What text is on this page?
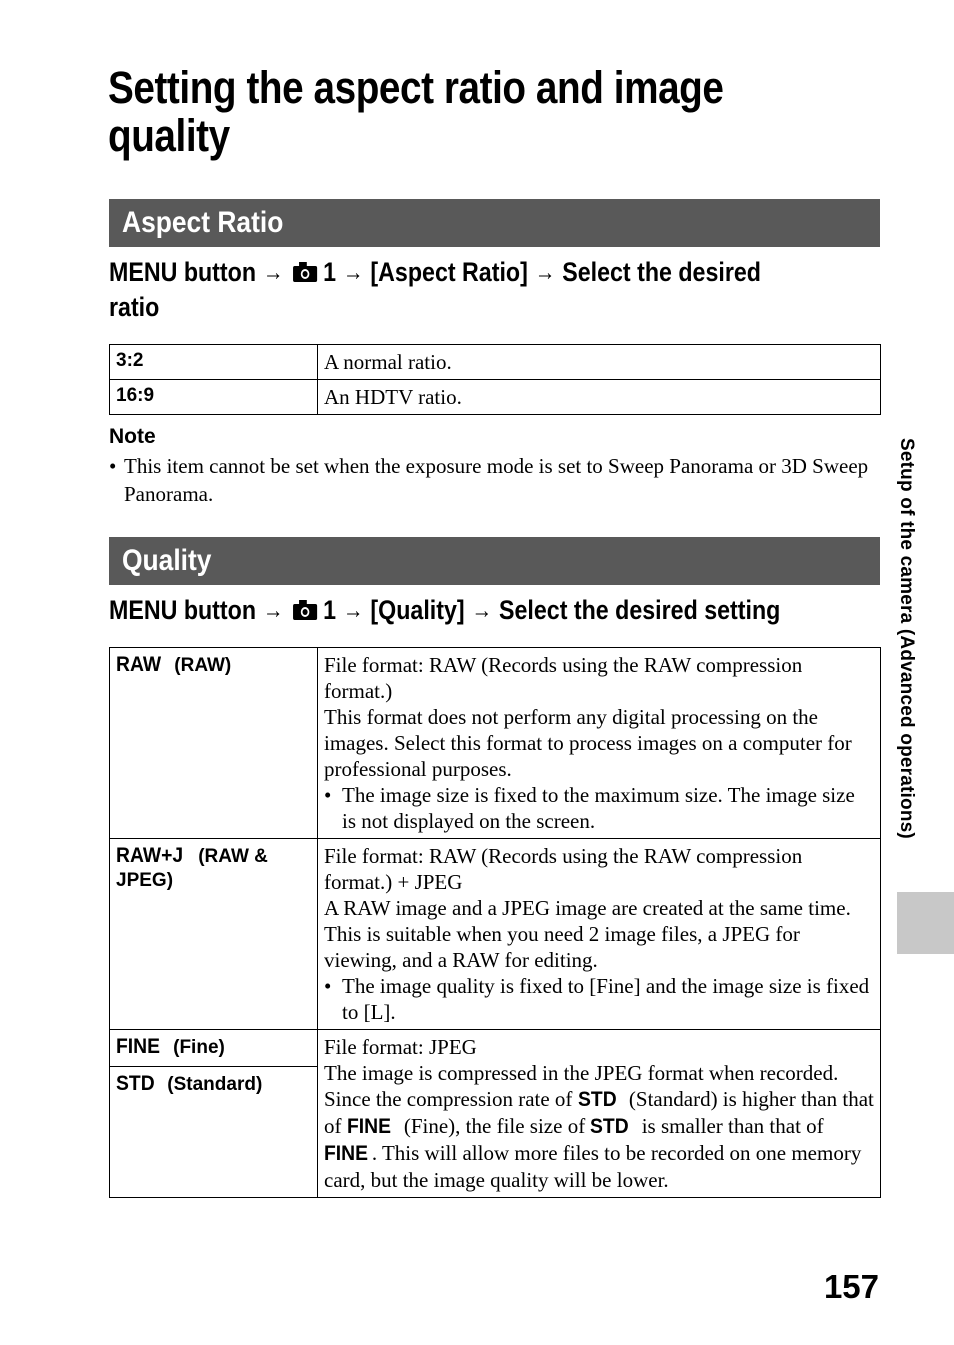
Setting the aspect ratio and image quality
Aspect Ratio
MENU button → 1 → [Aspect Ratio] → Select the desired ratio
3:2	A normal ratio.
16:9	An HDTV ratio.
Note
• This item cannot be set when the exposure mode is set to Sweep Panorama or 3D Sweep Panorama.
Quality
MENU button → 1 → [Quality] → Select the desired setting
RAW (RAW)	File format: RAW (Records using the RAW compression format.)
This format does not perform any digital processing on the images. Select this format to process images on a computer for professional purposes.
• The image size is fixed to the maximum size. The image size is not displayed on the screen.

RAW+J (RAW & JPEG)	File format: RAW (Records using the RAW compression format.) + JPEG
A RAW image and a JPEG image are created at the same time. This is suitable when you need 2 image files, a JPEG for viewing, and a RAW for editing.
• The image quality is fixed to [Fine] and the image size is fixed to [L].

FINE (Fine)	File format: JPEG
The image is compressed in the JPEG format when recorded.
Since the compression rate of STD (Standard) is higher than that of FINE (Fine), the file size of STD is smaller than that of FINE . This will allow more files to be recorded on one memory card, but the image quality will be lower.

STD (Standard)	
Setup of the camera (Advanced operations)
157
